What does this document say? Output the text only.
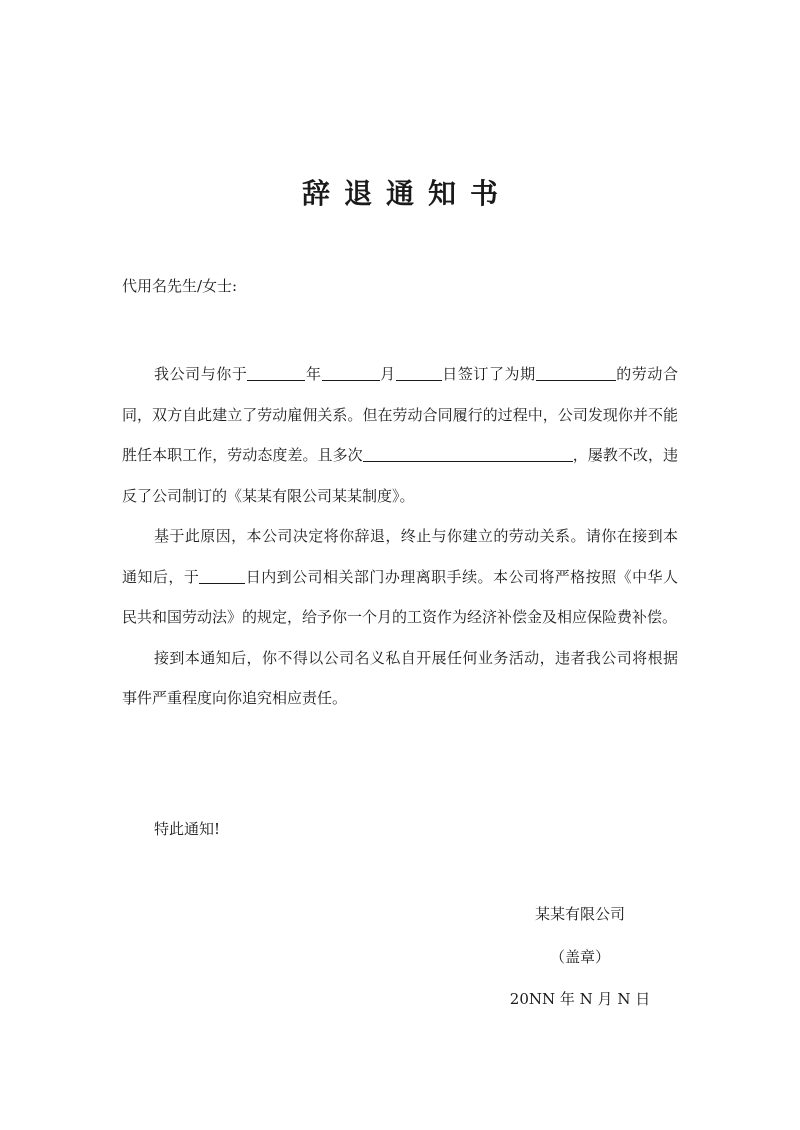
辞退通知书
代用名先生/女士:

我公司与你于	年	月	日签订了为期	的劳动合同，双方自此建立了劳动雇佣关系。但在劳动合同履行的过程中，公司发现你并不能胜任本职工作，劳动态度差。且多次	，屡教不改，违反了公司制订的《某某有限公司某某制度》。

基于此原因，本公司决定将你辞退，终止与你建立的劳动关系。请你在接到本通知后，于	日内到公司相关部门办理离职手续。本公司将严格按照《中华人民共和国劳动法》的规定，给予你一个月的工资作为经济补偿金及相应保险费补偿。

接到本通知后，你不得以公司名义私自开展任何业务活动，违者我公司将根据事件严重程度向你追究相应责任。

特此通知!
某某有限公司
（盖章）
20NN 年 N 月 N 日
